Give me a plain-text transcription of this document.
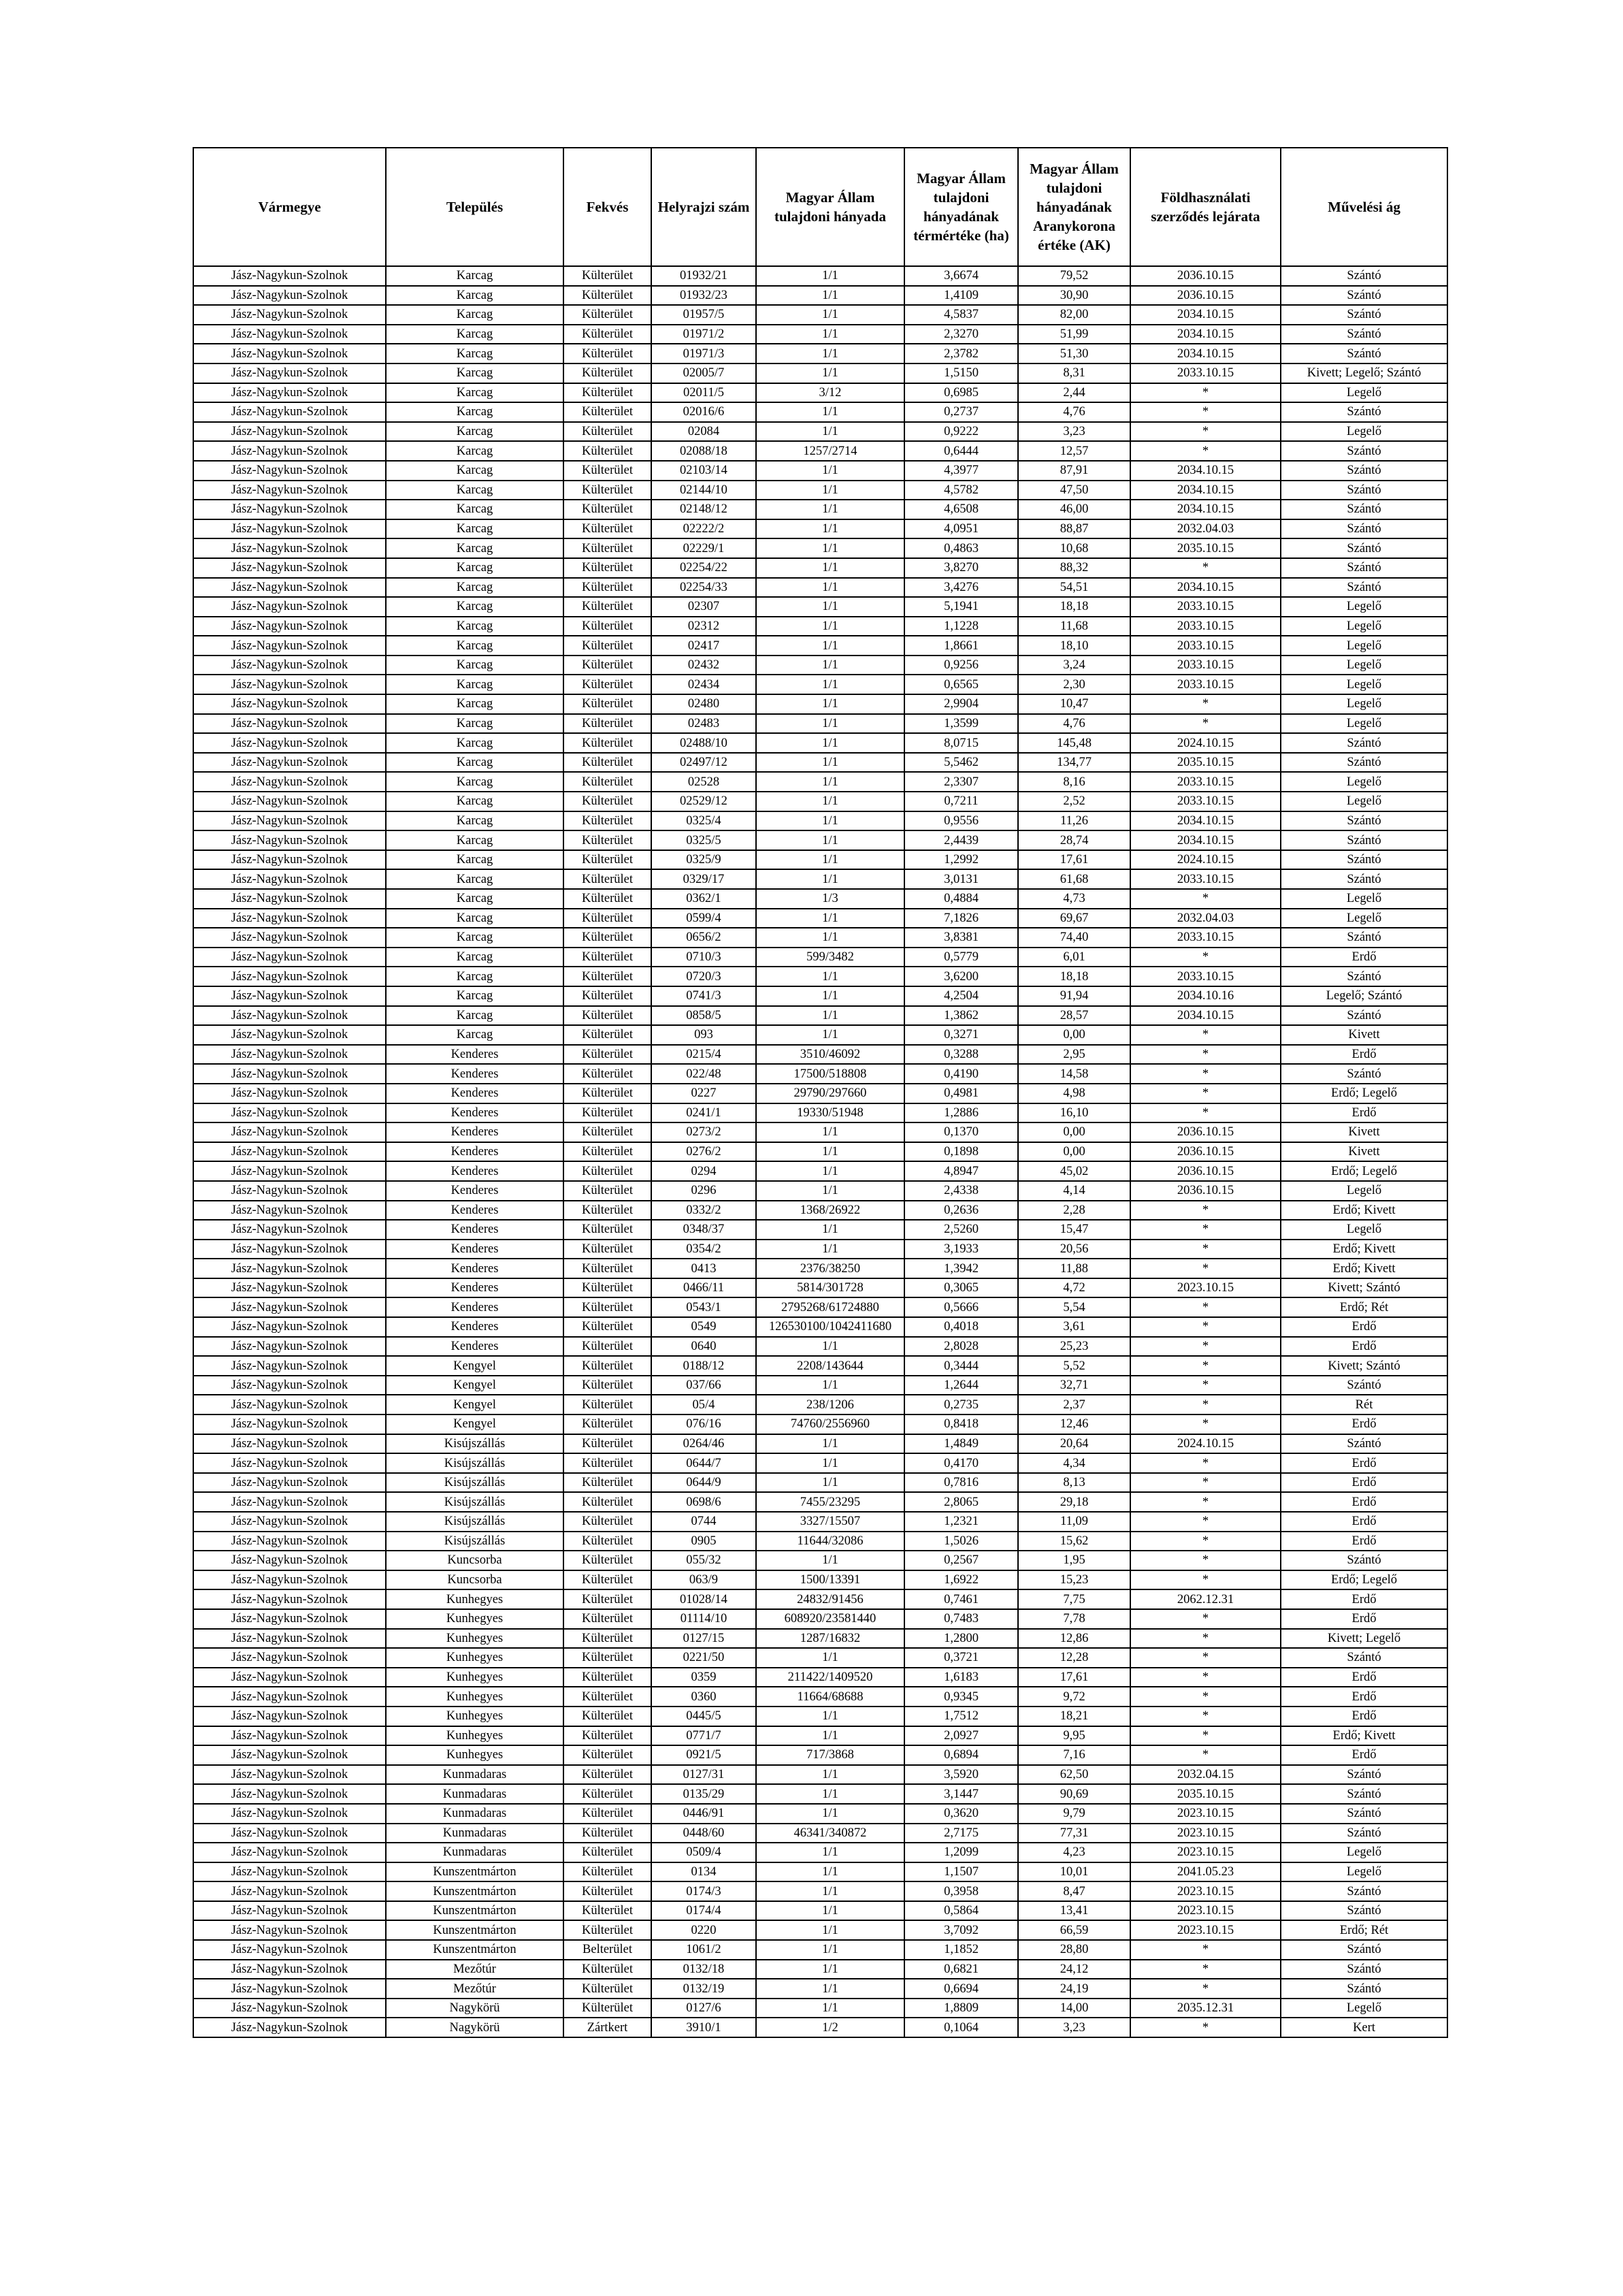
Vármegye	Település	Fekvés	Helyrajzi szám	Magyar Állam tulajdoni hányada	Magyar Állam tulajdoni hányadának térmértéke (ha)	Magyar Állam tulajdoni hányadának Aranykorona értéke (AK)	Földhasználati szerződés lejárata	Művelési ág
Jász-Nagykun-Szolnok	Karcag	Külterület	01932/21	1/1	3,6674	79,52	2036.10.15	Szántó
Jász-Nagykun-Szolnok	Karcag	Külterület	01932/23	1/1	1,4109	30,90	2036.10.15	Szántó
Jász-Nagykun-Szolnok	Karcag	Külterület	01957/5	1/1	4,5837	82,00	2034.10.15	Szántó
Jász-Nagykun-Szolnok	Karcag	Külterület	01971/2	1/1	2,3270	51,99	2034.10.15	Szántó
Jász-Nagykun-Szolnok	Karcag	Külterület	01971/3	1/1	2,3782	51,30	2034.10.15	Szántó
Jász-Nagykun-Szolnok	Karcag	Külterület	02005/7	1/1	1,5150	8,31	2033.10.15	Kivett; Legelő; Szántó
Jász-Nagykun-Szolnok	Karcag	Külterület	02011/5	3/12	0,6985	2,44	*	Legelő
Jász-Nagykun-Szolnok	Karcag	Külterület	02016/6	1/1	0,2737	4,76	*	Szántó
Jász-Nagykun-Szolnok	Karcag	Külterület	02084	1/1	0,9222	3,23	*	Legelő
Jász-Nagykun-Szolnok	Karcag	Külterület	02088/18	1257/2714	0,6444	12,57	*	Szántó
Jász-Nagykun-Szolnok	Karcag	Külterület	02103/14	1/1	4,3977	87,91	2034.10.15	Szántó
Jász-Nagykun-Szolnok	Karcag	Külterület	02144/10	1/1	4,5782	47,50	2034.10.15	Szántó
Jász-Nagykun-Szolnok	Karcag	Külterület	02148/12	1/1	4,6508	46,00	2034.10.15	Szántó
Jász-Nagykun-Szolnok	Karcag	Külterület	02222/2	1/1	4,0951	88,87	2032.04.03	Szántó
Jász-Nagykun-Szolnok	Karcag	Külterület	02229/1	1/1	0,4863	10,68	2035.10.15	Szántó
Jász-Nagykun-Szolnok	Karcag	Külterület	02254/22	1/1	3,8270	88,32	*	Szántó
Jász-Nagykun-Szolnok	Karcag	Külterület	02254/33	1/1	3,4276	54,51	2034.10.15	Szántó
Jász-Nagykun-Szolnok	Karcag	Külterület	02307	1/1	5,1941	18,18	2033.10.15	Legelő
Jász-Nagykun-Szolnok	Karcag	Külterület	02312	1/1	1,1228	11,68	2033.10.15	Legelő
Jász-Nagykun-Szolnok	Karcag	Külterület	02417	1/1	1,8661	18,10	2033.10.15	Legelő
Jász-Nagykun-Szolnok	Karcag	Külterület	02432	1/1	0,9256	3,24	2033.10.15	Legelő
Jász-Nagykun-Szolnok	Karcag	Külterület	02434	1/1	0,6565	2,30	2033.10.15	Legelő
Jász-Nagykun-Szolnok	Karcag	Külterület	02480	1/1	2,9904	10,47	*	Legelő
Jász-Nagykun-Szolnok	Karcag	Külterület	02483	1/1	1,3599	4,76	*	Legelő
Jász-Nagykun-Szolnok	Karcag	Külterület	02488/10	1/1	8,0715	145,48	2024.10.15	Szántó
Jász-Nagykun-Szolnok	Karcag	Külterület	02497/12	1/1	5,5462	134,77	2035.10.15	Szántó
Jász-Nagykun-Szolnok	Karcag	Külterület	02528	1/1	2,3307	8,16	2033.10.15	Legelő
Jász-Nagykun-Szolnok	Karcag	Külterület	02529/12	1/1	0,7211	2,52	2033.10.15	Legelő
Jász-Nagykun-Szolnok	Karcag	Külterület	0325/4	1/1	0,9556	11,26	2034.10.15	Szántó
Jász-Nagykun-Szolnok	Karcag	Külterület	0325/5	1/1	2,4439	28,74	2034.10.15	Szántó
Jász-Nagykun-Szolnok	Karcag	Külterület	0325/9	1/1	1,2992	17,61	2024.10.15	Szántó
Jász-Nagykun-Szolnok	Karcag	Külterület	0329/17	1/1	3,0131	61,68	2033.10.15	Szántó
Jász-Nagykun-Szolnok	Karcag	Külterület	0362/1	1/3	0,4884	4,73	*	Legelő
Jász-Nagykun-Szolnok	Karcag	Külterület	0599/4	1/1	7,1826	69,67	2032.04.03	Legelő
Jász-Nagykun-Szolnok	Karcag	Külterület	0656/2	1/1	3,8381	74,40	2033.10.15	Szántó
Jász-Nagykun-Szolnok	Karcag	Külterület	0710/3	599/3482	0,5779	6,01	*	Erdő
Jász-Nagykun-Szolnok	Karcag	Külterület	0720/3	1/1	3,6200	18,18	2033.10.15	Szántó
Jász-Nagykun-Szolnok	Karcag	Külterület	0741/3	1/1	4,2504	91,94	2034.10.16	Legelő; Szántó
Jász-Nagykun-Szolnok	Karcag	Külterület	0858/5	1/1	1,3862	28,57	2034.10.15	Szántó
Jász-Nagykun-Szolnok	Karcag	Külterület	093	1/1	0,3271	0,00	*	Kivett
Jász-Nagykun-Szolnok	Kenderes	Külterület	0215/4	3510/46092	0,3288	2,95	*	Erdő
Jász-Nagykun-Szolnok	Kenderes	Külterület	022/48	17500/518808	0,4190	14,58	*	Szántó
Jász-Nagykun-Szolnok	Kenderes	Külterület	0227	29790/297660	0,4981	4,98	*	Erdő; Legelő
Jász-Nagykun-Szolnok	Kenderes	Külterület	0241/1	19330/51948	1,2886	16,10	*	Erdő
Jász-Nagykun-Szolnok	Kenderes	Külterület	0273/2	1/1	0,1370	0,00	2036.10.15	Kivett
Jász-Nagykun-Szolnok	Kenderes	Külterület	0276/2	1/1	0,1898	0,00	2036.10.15	Kivett
Jász-Nagykun-Szolnok	Kenderes	Külterület	0294	1/1	4,8947	45,02	2036.10.15	Erdő; Legelő
Jász-Nagykun-Szolnok	Kenderes	Külterület	0296	1/1	2,4338	4,14	2036.10.15	Legelő
Jász-Nagykun-Szolnok	Kenderes	Külterület	0332/2	1368/26922	0,2636	2,28	*	Erdő; Kivett
Jász-Nagykun-Szolnok	Kenderes	Külterület	0348/37	1/1	2,5260	15,47	*	Legelő
Jász-Nagykun-Szolnok	Kenderes	Külterület	0354/2	1/1	3,1933	20,56	*	Erdő; Kivett
Jász-Nagykun-Szolnok	Kenderes	Külterület	0413	2376/38250	1,3942	11,88	*	Erdő; Kivett
Jász-Nagykun-Szolnok	Kenderes	Külterület	0466/11	5814/301728	0,3065	4,72	2023.10.15	Kivett; Szántó
Jász-Nagykun-Szolnok	Kenderes	Külterület	0543/1	2795268/61724880	0,5666	5,54	*	Erdő; Rét
Jász-Nagykun-Szolnok	Kenderes	Külterület	0549	126530100/1042411680	0,4018	3,61	*	Erdő
Jász-Nagykun-Szolnok	Kenderes	Külterület	0640	1/1	2,8028	25,23	*	Erdő
Jász-Nagykun-Szolnok	Kengyel	Külterület	0188/12	2208/143644	0,3444	5,52	*	Kivett; Szántó
Jász-Nagykun-Szolnok	Kengyel	Külterület	037/66	1/1	1,2644	32,71	*	Szántó
Jász-Nagykun-Szolnok	Kengyel	Külterület	05/4	238/1206	0,2735	2,37	*	Rét
Jász-Nagykun-Szolnok	Kengyel	Külterület	076/16	74760/2556960	0,8418	12,46	*	Erdő
Jász-Nagykun-Szolnok	Kisújszállás	Külterület	0264/46	1/1	1,4849	20,64	2024.10.15	Szántó
Jász-Nagykun-Szolnok	Kisújszállás	Külterület	0644/7	1/1	0,4170	4,34	*	Erdő
Jász-Nagykun-Szolnok	Kisújszállás	Külterület	0644/9	1/1	0,7816	8,13	*	Erdő
Jász-Nagykun-Szolnok	Kisújszállás	Külterület	0698/6	7455/23295	2,8065	29,18	*	Erdő
Jász-Nagykun-Szolnok	Kisújszállás	Külterület	0744	3327/15507	1,2321	11,09	*	Erdő
Jász-Nagykun-Szolnok	Kisújszállás	Külterület	0905	11644/32086	1,5026	15,62	*	Erdő
Jász-Nagykun-Szolnok	Kuncsorba	Külterület	055/32	1/1	0,2567	1,95	*	Szántó
Jász-Nagykun-Szolnok	Kuncsorba	Külterület	063/9	1500/13391	1,6922	15,23	*	Erdő; Legelő
Jász-Nagykun-Szolnok	Kunhegyes	Külterület	01028/14	24832/91456	0,7461	7,75	2062.12.31	Erdő
Jász-Nagykun-Szolnok	Kunhegyes	Külterület	01114/10	608920/23581440	0,7483	7,78	*	Erdő
Jász-Nagykun-Szolnok	Kunhegyes	Külterület	0127/15	1287/16832	1,2800	12,86	*	Kivett; Legelő
Jász-Nagykun-Szolnok	Kunhegyes	Külterület	0221/50	1/1	0,3721	12,28	*	Szántó
Jász-Nagykun-Szolnok	Kunhegyes	Külterület	0359	211422/1409520	1,6183	17,61	*	Erdő
Jász-Nagykun-Szolnok	Kunhegyes	Külterület	0360	11664/68688	0,9345	9,72	*	Erdő
Jász-Nagykun-Szolnok	Kunhegyes	Külterület	0445/5	1/1	1,7512	18,21	*	Erdő
Jász-Nagykun-Szolnok	Kunhegyes	Külterület	0771/7	1/1	2,0927	9,95	*	Erdő; Kivett
Jász-Nagykun-Szolnok	Kunhegyes	Külterület	0921/5	717/3868	0,6894	7,16	*	Erdő
Jász-Nagykun-Szolnok	Kunmadaras	Külterület	0127/31	1/1	3,5920	62,50	2032.04.15	Szántó
Jász-Nagykun-Szolnok	Kunmadaras	Külterület	0135/29	1/1	3,1447	90,69	2035.10.15	Szántó
Jász-Nagykun-Szolnok	Kunmadaras	Külterület	0446/91	1/1	0,3620	9,79	2023.10.15	Szántó
Jász-Nagykun-Szolnok	Kunmadaras	Külterület	0448/60	46341/340872	2,7175	77,31	2023.10.15	Szántó
Jász-Nagykun-Szolnok	Kunmadaras	Külterület	0509/4	1/1	1,2099	4,23	2023.10.15	Legelő
Jász-Nagykun-Szolnok	Kunszentmárton	Külterület	0134	1/1	1,1507	10,01	2041.05.23	Legelő
Jász-Nagykun-Szolnok	Kunszentmárton	Külterület	0174/3	1/1	0,3958	8,47	2023.10.15	Szántó
Jász-Nagykun-Szolnok	Kunszentmárton	Külterület	0174/4	1/1	0,5864	13,41	2023.10.15	Szántó
Jász-Nagykun-Szolnok	Kunszentmárton	Külterület	0220	1/1	3,7092	66,59	2023.10.15	Erdő; Rét
Jász-Nagykun-Szolnok	Kunszentmárton	Belterület	1061/2	1/1	1,1852	28,80	*	Szántó
Jász-Nagykun-Szolnok	Mezőtúr	Külterület	0132/18	1/1	0,6821	24,12	*	Szántó
Jász-Nagykun-Szolnok	Mezőtúr	Külterület	0132/19	1/1	0,6694	24,19	*	Szántó
Jász-Nagykun-Szolnok	Nagykörü	Külterület	0127/6	1/1	1,8809	14,00	2035.12.31	Legelő
Jász-Nagykun-Szolnok	Nagykörü	Zártkert	3910/1	1/2	0,1064	3,23	*	Kert
